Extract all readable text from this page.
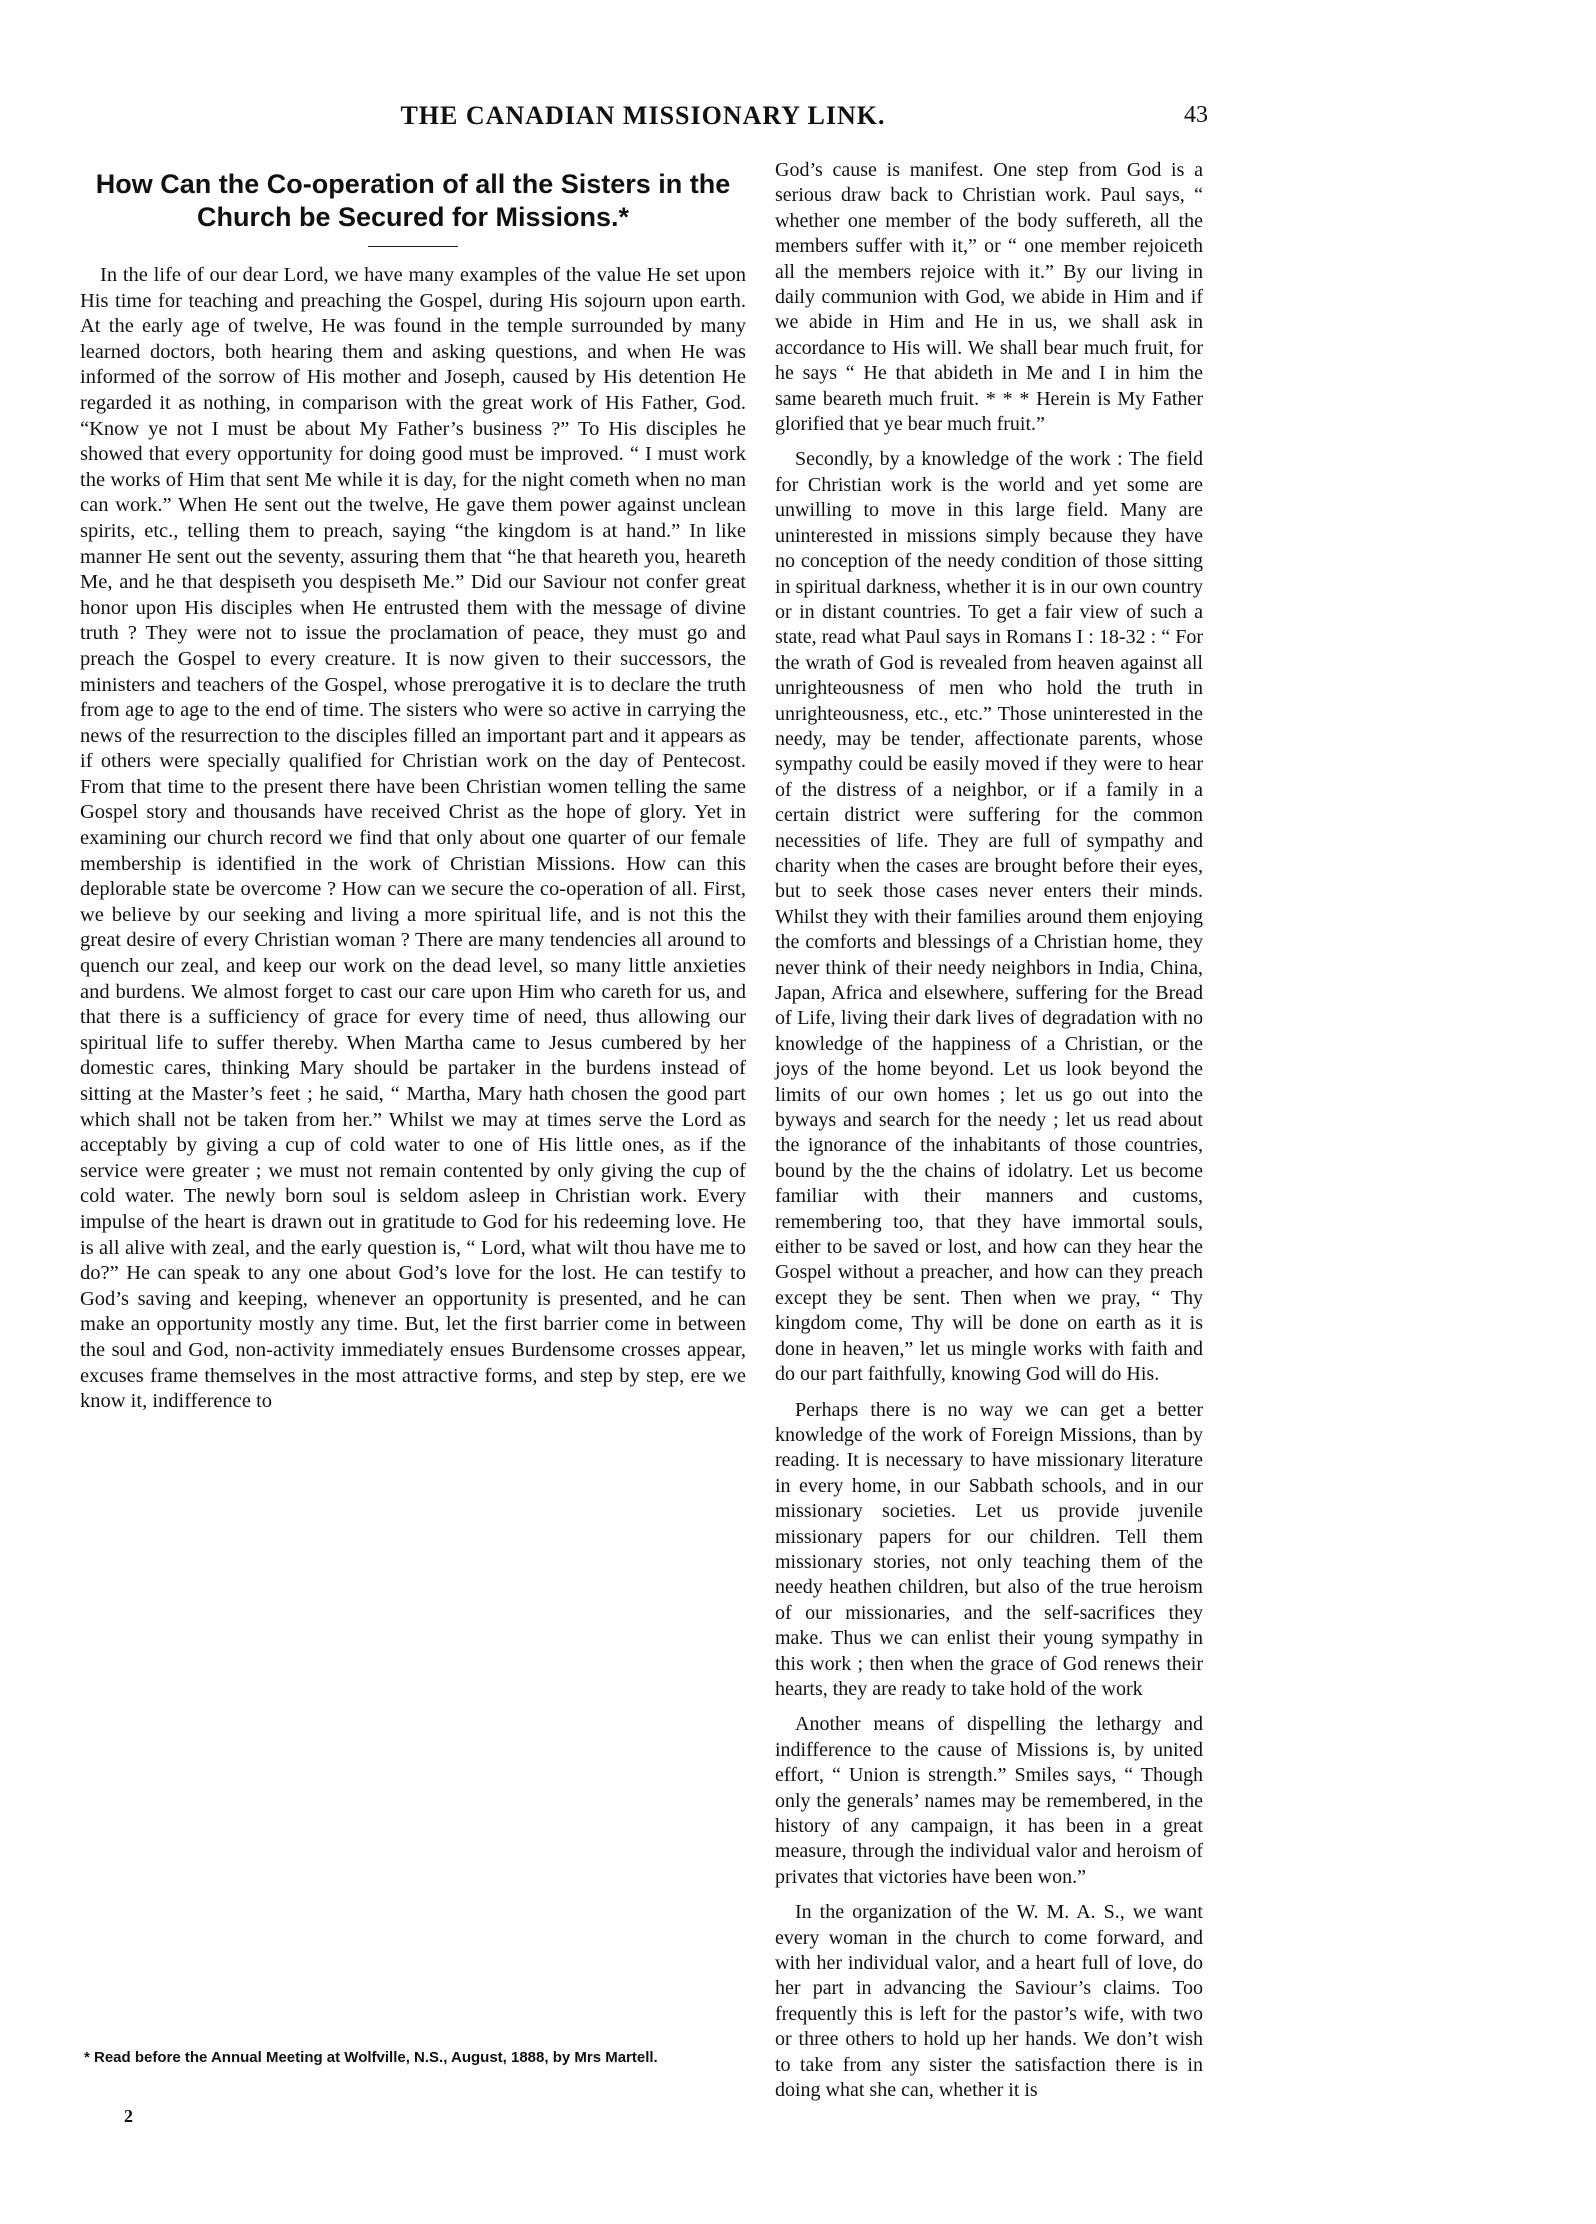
THE CANADIAN MISSIONARY LINK.	43
How Can the Co-operation of all the Sisters in the Church be Secured for Missions.*

In the life of our dear Lord, we have many examples of the value He set upon His time for teaching and preaching the Gospel, during His sojourn upon earth. At the early age of twelve, He was found in the temple surrounded by many learned doctors, both hearing them and asking questions, and when He was informed of the sorrow of His mother and Joseph, caused by His detention He regarded it as nothing, in comparison with the great work of His Father, God. “Know ye not I must be about My Father’s business ?” To His disciples he showed that every opportunity for doing good must be improved. “ I must work the works of Him that sent Me while it is day, for the night cometh when no man can work.” When He sent out the twelve, He gave them power against unclean spirits, etc., telling them to preach, saying “the kingdom is at hand.” In like manner He sent out the seventy, assuring them that “he that heareth you, heareth Me, and he that despiseth you despiseth Me.” Did our Saviour not confer great honor upon His disciples when He entrusted them with the message of divine truth ? They were not to issue the proclamation of peace, they must go and preach the Gospel to every creature. It is now given to their successors, the ministers and teachers of the Gospel, whose prerogative it is to declare the truth from age to age to the end of time. The sisters who were so active in carrying the news of the resurrection to the disciples filled an important part and it appears as if others were specially qualified for Christian work on the day of Pentecost. From that time to the present there have been Christian women telling the same Gospel story and thousands have received Christ as the hope of glory. Yet in examining our church record we find that only about one quarter of our female membership is identified in the work of Christian Missions. How can this deplorable state be overcome ? How can we secure the co-operation of all. First, we believe by our seeking and living a more spiritual life, and is not this the great desire of every Christian woman ? There are many tendencies all around to quench our zeal, and keep our work on the dead level, so many little anxieties and burdens. We almost forget to cast our care upon Him who careth for us, and that there is a sufficiency of grace for every time of need, thus allowing our spiritual life to suffer thereby. When Martha came to Jesus cumbered by her domestic cares, thinking Mary should be partaker in the burdens instead of sitting at the Master’s feet ; he said, “ Martha, Mary hath chosen the good part which shall not be taken from her.” Whilst we may at times serve the Lord as acceptably by giving a cup of cold water to one of His little ones, as if the service were greater ; we must not remain contented by only giving the cup of cold water. The newly born soul is seldom asleep in Christian work. Every impulse of the heart is drawn out in gratitude to God for his redeeming love. He is all alive with zeal, and the early question is, “ Lord, what wilt thou have me to do?” He can speak to any one about God’s love for the lost. He can testify to God’s saving and keeping, whenever an opportunity is presented, and he can make an opportunity mostly any time. But, let the first barrier come in between the soul and God, non-activity immediately ensues Burdensome crosses appear, excuses frame themselves in the most attractive forms, and step by step, ere we know it, indifference to

God’s cause is manifest. One step from God is a serious draw back to Christian work. Paul says, “ whether one member of the body suffereth, all the members suffer with it,” or “ one member rejoiceth all the members rejoice with it.” By our living in daily communion with God, we abide in Him and if we abide in Him and He in us, we shall ask in accordance to His will. We shall bear much fruit, for he says “ He that abideth in Me and I in him the same beareth much fruit. * * * Herein is My Father glorified that ye bear much fruit.”

Secondly, by a knowledge of the work : The field for Christian work is the world and yet some are unwilling to move in this large field. Many are uninterested in missions simply because they have no conception of the needy condition of those sitting in spiritual darkness, whether it is in our own country or in distant countries. To get a fair view of such a state, read what Paul says in Romans I : 18-32 : “ For the wrath of God is revealed from heaven against all unrighteousness of men who hold the truth in unrighteousness, etc., etc.” Those uninterested in the needy, may be tender, affectionate parents, whose sympathy could be easily moved if they were to hear of the distress of a neighbor, or if a family in a certain district were suffering for the common necessities of life. They are full of sympathy and charity when the cases are brought before their eyes, but to seek those cases never enters their minds. Whilst they with their families around them enjoying the comforts and blessings of a Christian home, they never think of their needy neighbors in India, China, Japan, Africa and elsewhere, suffering for the Bread of Life, living their dark lives of degradation with no knowledge of the happiness of a Christian, or the joys of the home beyond. Let us look beyond the limits of our own homes ; let us go out into the byways and search for the needy ; let us read about the ignorance of the inhabitants of those countries, bound by the the chains of idolatry. Let us become familiar with their manners and customs, remembering too, that they have immortal souls, either to be saved or lost, and how can they hear the Gospel without a preacher, and how can they preach except they be sent. Then when we pray, “ Thy kingdom come, Thy will be done on earth as it is done in heaven,” let us mingle works with faith and do our part faithfully, knowing God will do His.

Perhaps there is no way we can get a better knowledge of the work of Foreign Missions, than by reading. It is necessary to have missionary literature in every home, in our Sabbath schools, and in our missionary societies. Let us provide juvenile missionary papers for our children. Tell them missionary stories, not only teaching them of the needy heathen children, but also of the true heroism of our missionaries, and the self-sacrifices they make. Thus we can enlist their young sympathy in this work ; then when the grace of God renews their hearts, they are ready to take hold of the work

Another means of dispelling the lethargy and indifference to the cause of Missions is, by united effort, “ Union is strength.” Smiles says, “ Though only the generals’ names may be remembered, in the history of any campaign, it has been in a great measure, through the individual valor and heroism of privates that victories have been won.”

In the organization of the W. M. A. S., we want every woman in the church to come forward, and with her individual valor, and a heart full of love, do her part in advancing the Saviour’s claims. Too frequently this is left for the pastor’s wife, with two or three others to hold up her hands. We don’t wish to take from any sister the satisfaction there is in doing what she can, whether it is

* Read before the Annual Meeting at Wolfville, N.S., August, 1888, by Mrs Martell.
2
